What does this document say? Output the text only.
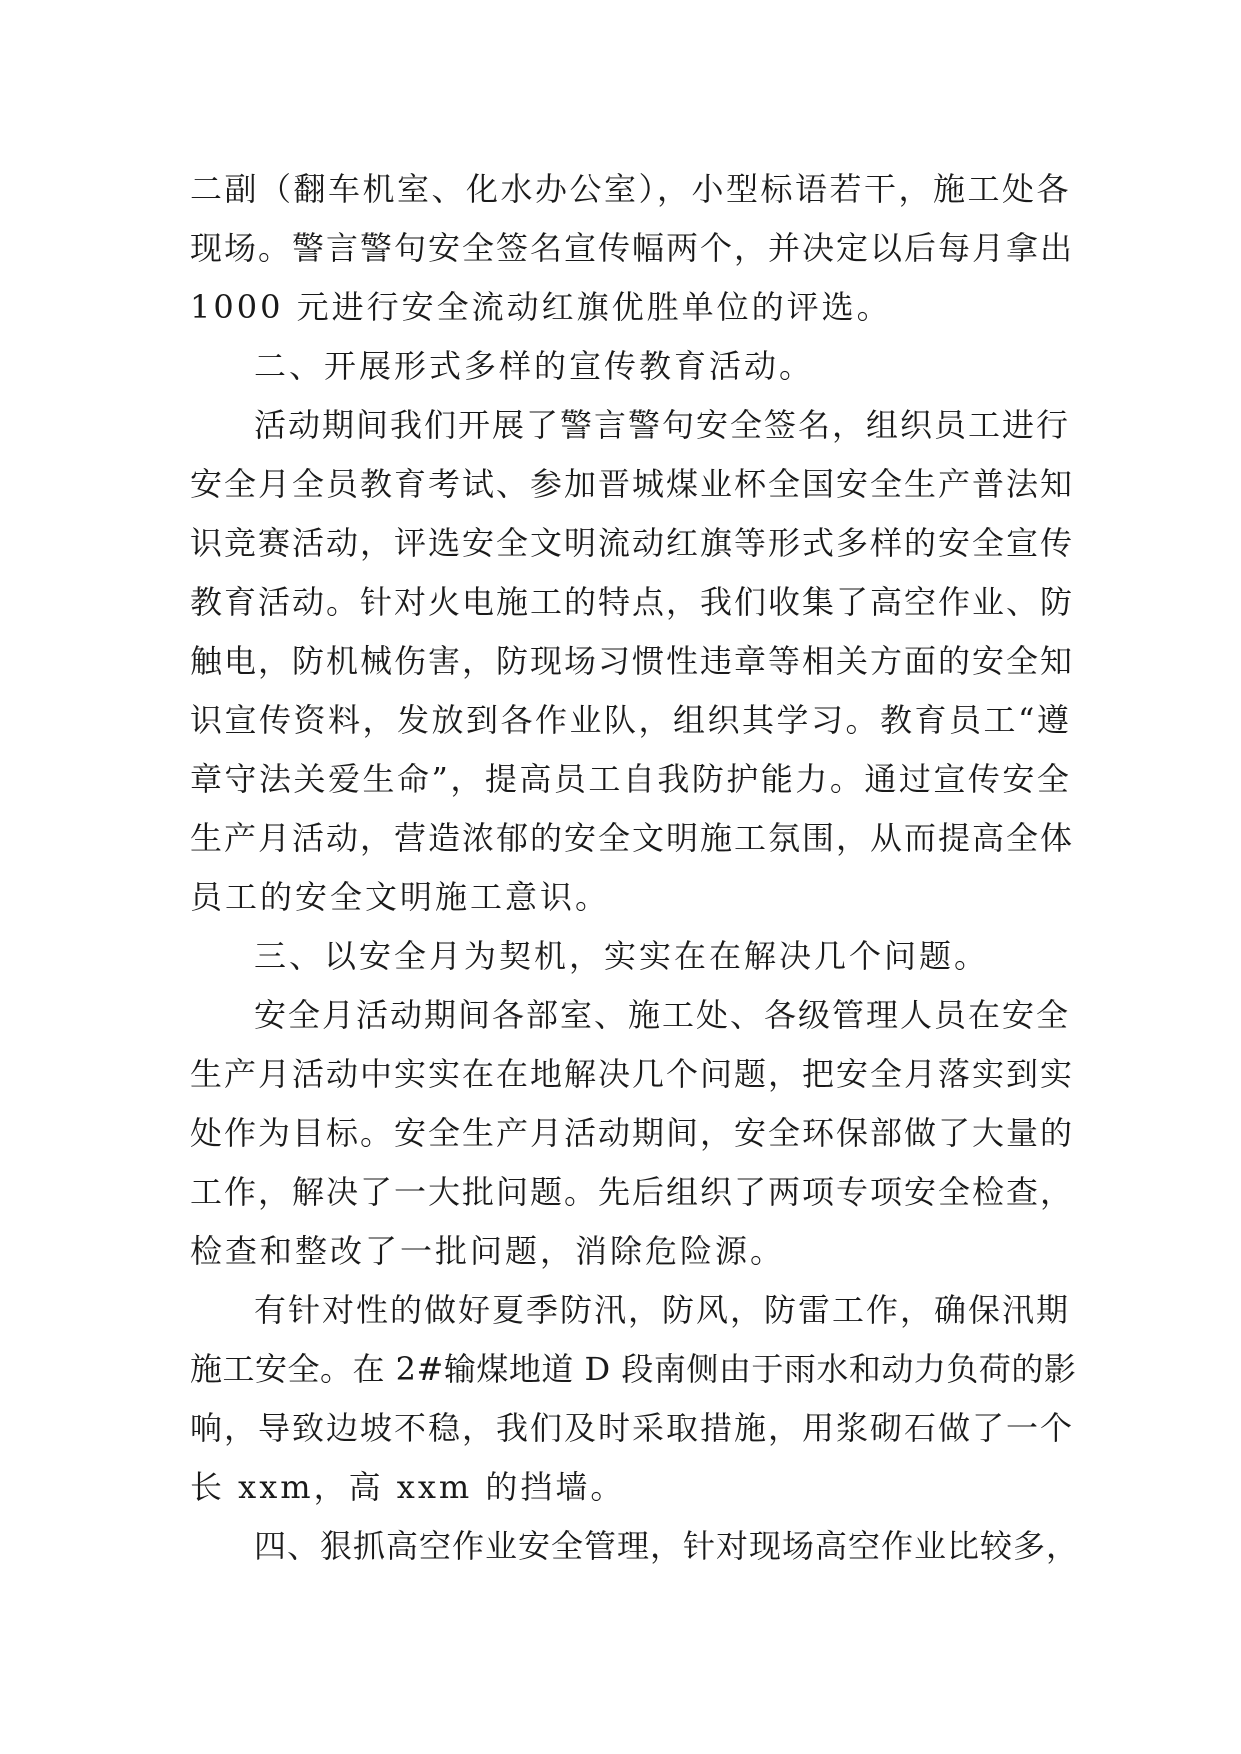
二副（翻车机室、化水办公室），小型标语若干，施工处各
现场。警言警句安全签名宣传幅两个，并决定以后每月拿出
1000 元进行安全流动红旗优胜单位的评选。
二、开展形式多样的宣传教育活动。
活动期间我们开展了警言警句安全签名，组织员工进行
安全月全员教育考试、参加晋城煤业杯全国安全生产普法知
识竞赛活动，评选安全文明流动红旗等形式多样的安全宣传
教育活动。针对火电施工的特点，我们收集了高空作业、防
触电，防机械伤害，防现场习惯性违章等相关方面的安全知
识宣传资料，发放到各作业队，组织其学习。教育员工“遵
章守法关爱生命”，提高员工自我防护能力。通过宣传安全
生产月活动，营造浓郁的安全文明施工氛围，从而提高全体
员工的安全文明施工意识。
三、以安全月为契机，实实在在解决几个问题。
安全月活动期间各部室、施工处、各级管理人员在安全
生产月活动中实实在在地解决几个问题，把安全月落实到实
处作为目标。安全生产月活动期间，安全环保部做了大量的
工作，解决了一大批问题。先后组织了两项专项安全检查，
检查和整改了一批问题，消除危险源。
有针对性的做好夏季防汛，防风，防雷工作，确保汛期
施工安全。在 2#输煤地道 D 段南侧由于雨水和动力负荷的影
响，导致边坡不稳，我们及时采取措施，用浆砌石做了一个
长 xxm，高 xxm 的挡墙。
四、狠抓高空作业安全管理，针对现场高空作业比较多，
